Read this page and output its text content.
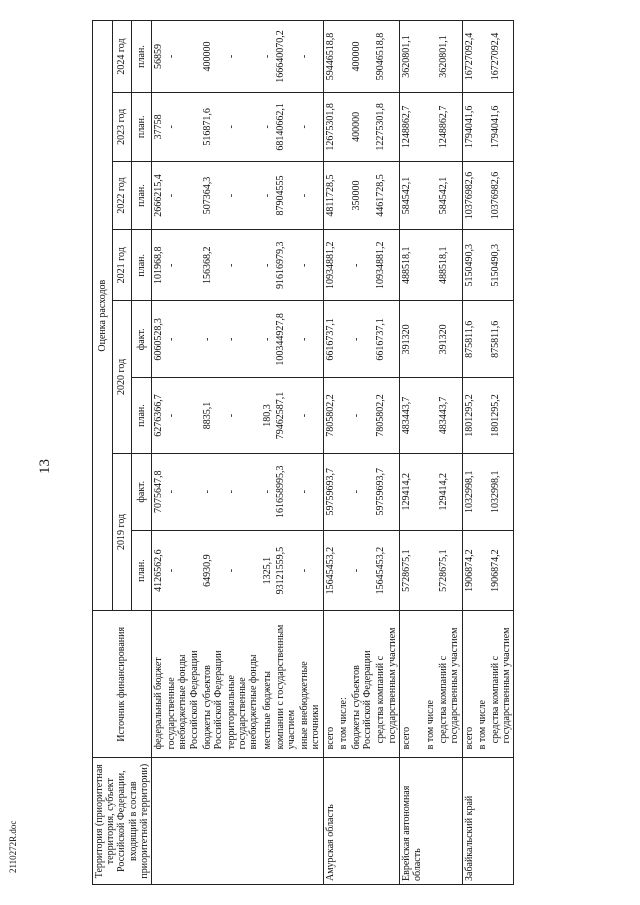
13
2110272R.doc	Территория (приоритетная территория, субъект Российской Федерации, входящий в состав приоритетной территории)	Источник финансирования	Оценка расходов							
		2019 год		2020 год		2021 год	2022 год	2023 год	2024 год
		план.	факт.	план.	факт.	план.	план.	план.	план.
	федеральный бюджет	4126562,6	7075647,8	6276366,7	6060528,3	101968,8	2666215,4	37758	56859
	государственные внебюджетные фонды Российской Федерации	-	-	-	-	-	-	-	-
	бюджеты субъектов Российской Федерации	64930,9	-	8835,1	-	156368,2	507364,3	516871,6	400000
	территориальные государственные внебюджетные фонды	-	-	-	-	-	-	-	-
	местные бюджеты	1325,1	-	180,3	-	-	-	-	-
	компании с государственным участием	93121559,5	161658995,3	79462587,1	100344927,8	91616979,3	87904555	68140662,1	166640070,2
	иные внебюджетные источники	-	-	-	-	-	-	-	-
Амурская область	всего	15645453,2	59759693,7	7805802,2	6616737,1	10934881,2	4811728,5	12675301,8	59446518,8
	в том числе:								
	бюджеты субъектов Российской Федерации	-	-	-	-	-	350000	400000	400000
	средства компаний с государственным участием	15645453,2	59759693,7	7805802,2	6616737,1	10934881,2	4461728,5	12275301,8	59046518,8
Еврейская автономная область	всего	5728675,1	129414,2	483443,7	391320	488518,1	584542,1	1248862,7	3620801,1
	в том числе								
	средства компаний с государственным участием	5728675,1	129414,2	483443,7	391320	488518,1	584542,1	1248862,7	3620801,1
Забайкальский край	всего	1906874,2	1032998,1	1801295,2	875811,6	5150490,3	10376982,6	1794041,6	16727092,4
	в том числе								
	средства компаний с государственным участием	1906874,2	1032998,1	1801295,2	875811,6	5150490,3	10376982,6	1794041,6	16727092,4
